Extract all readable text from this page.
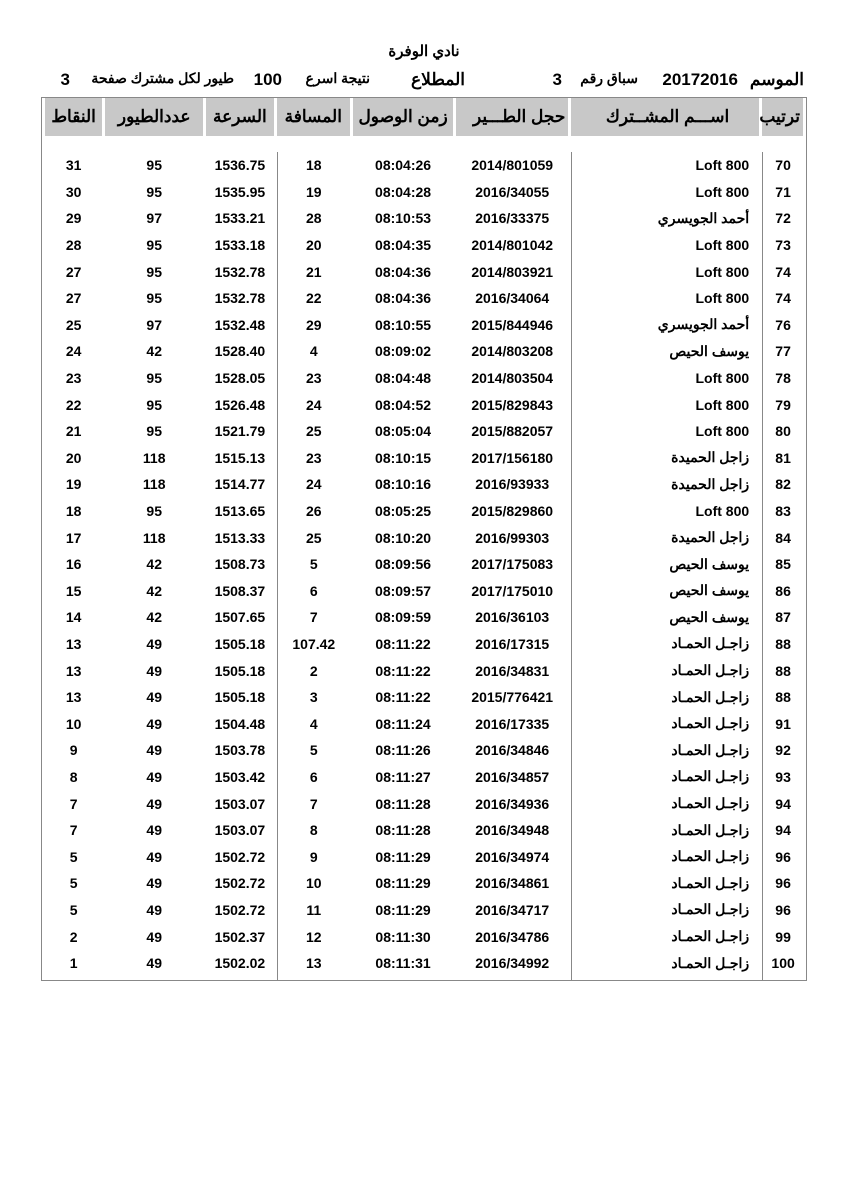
نادي الوفرة
الموسم
20172016
سباق رقم
3
المطلاع
نتيجة اسرع
100
طيور لكل مشترك صفحة
3
ترتيب	اســـم المشــترك	حجل الطـــير	زمن الوصول	المسافة	السرعة	عددالطيور	النقاط

70	Loft 800	2014/801059	08:04:26	18	1536.75	95	31
71	Loft 800	2016/34055	08:04:28	19	1535.95	95	30
72	أحمد الجويسري	2016/33375	08:10:53	28	1533.21	97	29
73	Loft 800	2014/801042	08:04:35	20	1533.18	95	28
74	Loft 800	2014/803921	08:04:36	21	1532.78	95	27
74	Loft 800	2016/34064	08:04:36	22	1532.78	95	27
76	أحمد الجويسري	2015/844946	08:10:55	29	1532.48	97	25
77	يوسف الحيص	2014/803208	08:09:02	4	1528.40	42	24
78	Loft 800	2014/803504	08:04:48	23	1528.05	95	23
79	Loft 800	2015/829843	08:04:52	24	1526.48	95	22
80	Loft 800	2015/882057	08:05:04	25	1521.79	95	21
81	زاجل الحميدة	2017/156180	08:10:15	23	1515.13	118	20
82	زاجل الحميدة	2016/93933	08:10:16	24	1514.77	118	19
83	Loft 800	2015/829860	08:05:25	26	1513.65	95	18
84	زاجل الحميدة	2016/99303	08:10:20	25	1513.33	118	17
85	يوسف الحيص	2017/175083	08:09:56	5	1508.73	42	16
86	يوسف الحيص	2017/175010	08:09:57	6	1508.37	42	15
87	يوسف الحيص	2016/36103	08:09:59	7	1507.65	42	14
88	زاجـل الحمـاد	2016/17315	08:11:22	107.42	1505.18	49	13
88	زاجـل الحمـاد	2016/34831	08:11:22	2	1505.18	49	13
88	زاجـل الحمـاد	2015/776421	08:11:22	3	1505.18	49	13
91	زاجـل الحمـاد	2016/17335	08:11:24	4	1504.48	49	10
92	زاجـل الحمـاد	2016/34846	08:11:26	5	1503.78	49	9
93	زاجـل الحمـاد	2016/34857	08:11:27	6	1503.42	49	8
94	زاجـل الحمـاد	2016/34936	08:11:28	7	1503.07	49	7
94	زاجـل الحمـاد	2016/34948	08:11:28	8	1503.07	49	7
96	زاجـل الحمـاد	2016/34974	08:11:29	9	1502.72	49	5
96	زاجـل الحمـاد	2016/34861	08:11:29	10	1502.72	49	5
96	زاجـل الحمـاد	2016/34717	08:11:29	11	1502.72	49	5
99	زاجـل الحمـاد	2016/34786	08:11:30	12	1502.37	49	2
100	زاجـل الحمـاد	2016/34992	08:11:31	13	1502.02	49	1
